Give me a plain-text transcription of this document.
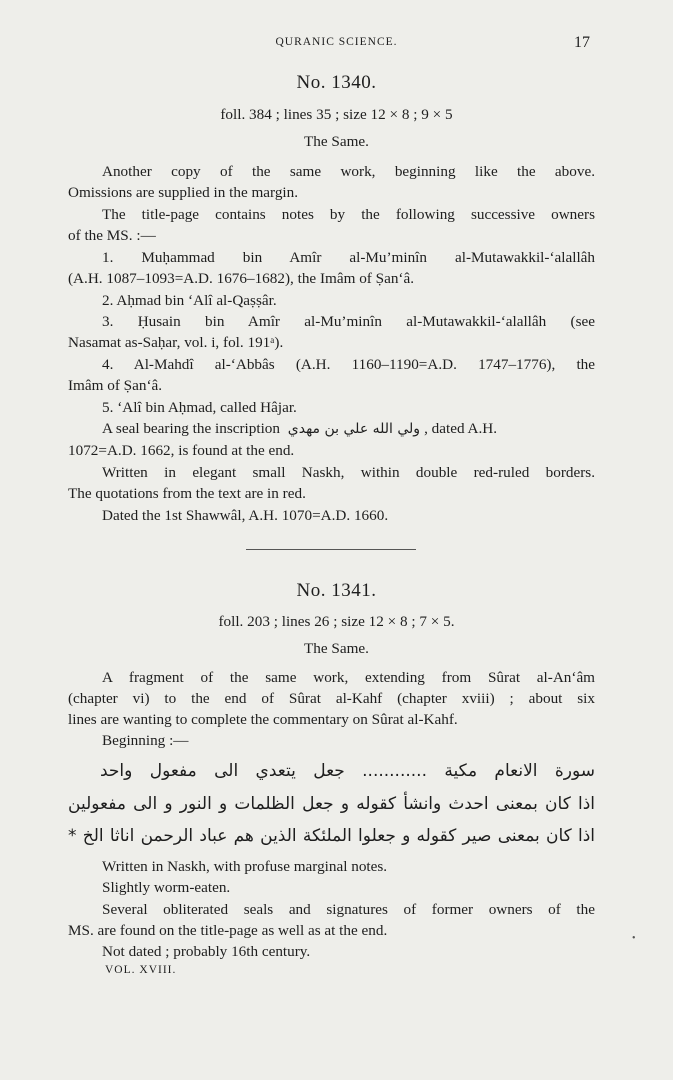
QURANIC SCIENCE.	17
No. 1340.
foll. 384 ; lines 35 ; size 12 × 8 ; 9 × 5
The Same.
Another copy of the same work, beginning like the above.
Omissions are supplied in the margin.
The title-page contains notes by the following successive owners
of the MS. :—
1. Muḥammad bin Amîr al-Mu’minîn al-Mutawakkil-‘alallâh
(A.H. 1087–1093=A.D. 1676–1682), the Imâm of Ṣan‘â.
2. Aḥmad bin ‘Alî al-Qaṣṣâr.
3. Ḥusain bin Amîr al-Mu’minîn al-Mutawakkil-‘alallâh (see
Nasamat as-Saḥar, vol. i, fol. 191ᵃ).
4. Al-Mahdî al-‘Abbâs (A.H. 1160–1190=A.D. 1747–1776), the
Imâm of Ṣan‘â.
5. ‘Alî bin Aḥmad, called Hâjar.
A seal bearing the inscription ولي الله علي بن مهدي , dated A.H.
1072=A.D. 1662, is found at the end.
Written in elegant small Naskh, within double red-ruled borders.
The quotations from the text are in red.
Dated the 1st Shawwâl, A.H. 1070=A.D. 1660.
No. 1341.
foll. 203 ; lines 26 ; size 12 × 8 ; 7 × 5.
The Same.
A fragment of the same work, extending from Sûrat al-An‘âm
(chapter vi) to the end of Sûrat al-Kahf (chapter xviii) ; about six
lines are wanting to complete the commentary on Sûrat al-Kahf.
Beginning :—
سورة الانعام مكية ............ جعل يتعدي الى مفعول واحد
اذا كان بمعنى احدث وانشأ كقوله و جعل الظلمات و النور و الى مفعولين
اذا كان بمعنى صير كقوله و جعلوا الملئكة الذين هم عباد الرحمن اناثا الخ *
Written in Naskh, with profuse marginal notes.
Slightly worm-eaten.
Several obliterated seals and signatures of former owners of the
MS. are found on the title-page as well as at the end.
Not dated ; probably 16th century.
VOL. XVIII.
•
